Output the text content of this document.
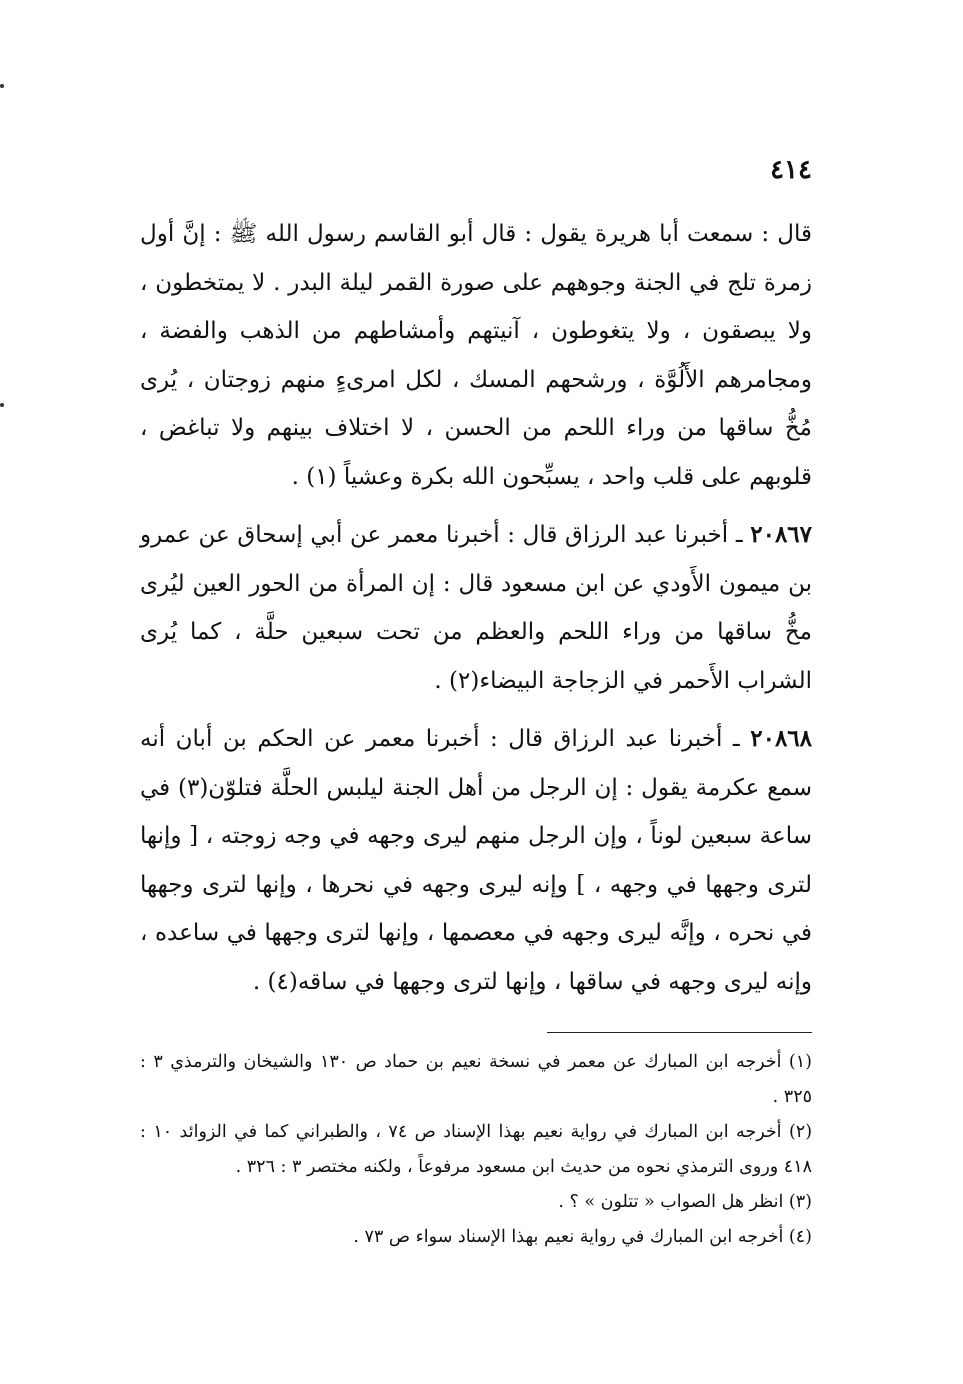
٤١٤

قال : سمعت أبا هريرة يقول : قال أبو القاسم رسول الله ﷺ : إنَّ أول زمرة تلج في الجنة وجوههم على صورة القمر ليلة البدر . لا يمتخطون ، ولا يبصقون ، ولا يتغوطون ، آنيتهم وأمشاطهم من الذهب والفضة ، ومجامرهم الأَلُوَّة ، ورشحهم المسك ، لكل امرىءٍ منهم زوجتان ، يُرى مُخُّ ساقها من وراء اللحم من الحسن ، لا اختلاف بينهم ولا تباغض ، قلوبهم على قلب واحد ، يسبِّحون الله بكرة وعشياً (١) .

٢٠٨٦٧ ـ أخبرنا عبد الرزاق قال : أخبرنا معمر عن أبي إسحاق عن عمرو بن ميمون الأَودي عن ابن مسعود قال : إن المرأة من الحور العين ليُرى مخُّ ساقها من وراء اللحم والعظم من تحت سبعين حلَّة ، كما يُرى الشراب الأَحمر في الزجاجة البيضاء(٢) .

٢٠٨٦٨ ـ أخبرنا عبد الرزاق قال : أخبرنا معمر عن الحكم بن أبان أنه سمع عكرمة يقول : إن الرجل من أهل الجنة ليلبس الحلَّة فتلوّن(٣) في ساعة سبعين لوناً ، وإن الرجل منهم ليرى وجهه في وجه زوجته ، [ وإنها لترى وجهها في وجهه ، ] وإنه ليرى وجهه في نحرها ، وإنها لترى وجهها في نحره ، وإنَّه ليرى وجهه في معصمها ، وإنها لترى وجهها في ساعده ، وإنه ليرى وجهه في ساقها ، وإنها لترى وجهها في ساقه(٤) .

(١) أخرجه ابن المبارك عن معمر في نسخة نعيم بن حماد ص ١٣٠ والشيخان والترمذي ٣ : ٣٢٥ .

(٢) أخرجه ابن المبارك في رواية نعيم بهذا الإسناد ص ٧٤ ، والطبراني كما في الزوائد ١٠ : ٤١٨ وروى الترمذي نحوه من حديث ابن مسعود مرفوعاً ، ولكنه مختصر ٣ : ٣٢٦ .

(٣) انظر هل الصواب « تتلون » ؟ .

(٤) أخرجه ابن المبارك في رواية نعيم بهذا الإسناد سواء ص ٧٣ .
